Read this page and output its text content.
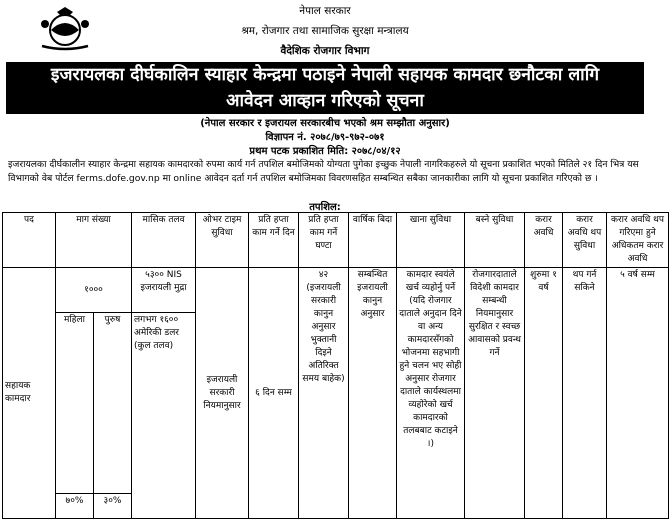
नेपाल सरकार
श्रम, रोजगार तथा सामाजिक सुरक्षा मन्त्रालय
वैदेशिक रोजगार विभाग
इजरायलका दीर्घकालिन स्याहार केन्द्रमा पठाइने नेपाली सहायक कामदार छनौटका लागि
आवेदन आव्हान गरिएको सूचना
(नेपाल सरकार र इजरायल सरकारबीच भएको श्रम सम्झौता अनुसार)
विज्ञापन नं. २०७८/७९-९७२-०७१
प्रथम पटक प्रकाशित मिति: २०७८/०४/१२
इजरायलका दीर्घकालीन स्याहार केन्द्रमा सहायक कामदारको रुपमा कार्य गर्न तपशिल बमोजिमको योग्यता पुगेका इच्छुक नेपाली नागरिकहरुले यो सूचना प्रकाशित भएको मितिले २१ दिन भित्र यस विभागको वेब पोर्टल ferms.dofe.gov.np मा online आवेदन दर्ता गर्न तपशिल बमोजिमका विवरणसहित सम्बन्धित सबैका जानकारीका लागि यो सूचना प्रकाशित गरिएको छ ।
तपशिल:
पद	माग संख्या		मासिक तलव	ओभर टाइम सुविधा	प्रति हप्ता काम गर्ने दिन	प्रति हप्ता काम गर्ने घण्टा	वार्षिक बिदा	खाना सुविधा	बस्ने सुविधा	करार अवधि	करार अवधि थप सुविधा	करार अवधि थप गरिएमा हुने अधिकतम करार अवधि
सहायक कामदार	१०००		५३०० NIS इजरायली मुद्रा	इजरायली सरकारी नियमानुसार	६ दिन सम्म	४२ (इजरायली सरकारी कानुन अनुसार भुक्तानी दिइने अतिरिक्त समय बाहेक)	सम्बन्धित इजरायली कानुन अनुसार	कामदार स्वयंले खर्च व्यहोर्नु पर्ने (यदि रोजगार दाताले अनुदान दिने वा अन्य कामदारसँगको भोजनमा सहभागी हुने चलन भए सोही अनुसार रोजगार दाताले कार्यस्थलमा व्यहोरेको खर्च कामदारको तलबबाट कटाइने ।)	रोजगारदाताले विदेशी कामदार सम्बन्धी नियमानुसार सुरक्षित र स्वच्छ आवासको प्रवन्ध गर्ने	शुरुमा १ वर्ष	थप गर्न सकिने	५ वर्ष सम्म
	महिला	पुरुष	लगभग १६०० अमेरिकी डलर (कुल तलव)									
	७०%	३०%										
